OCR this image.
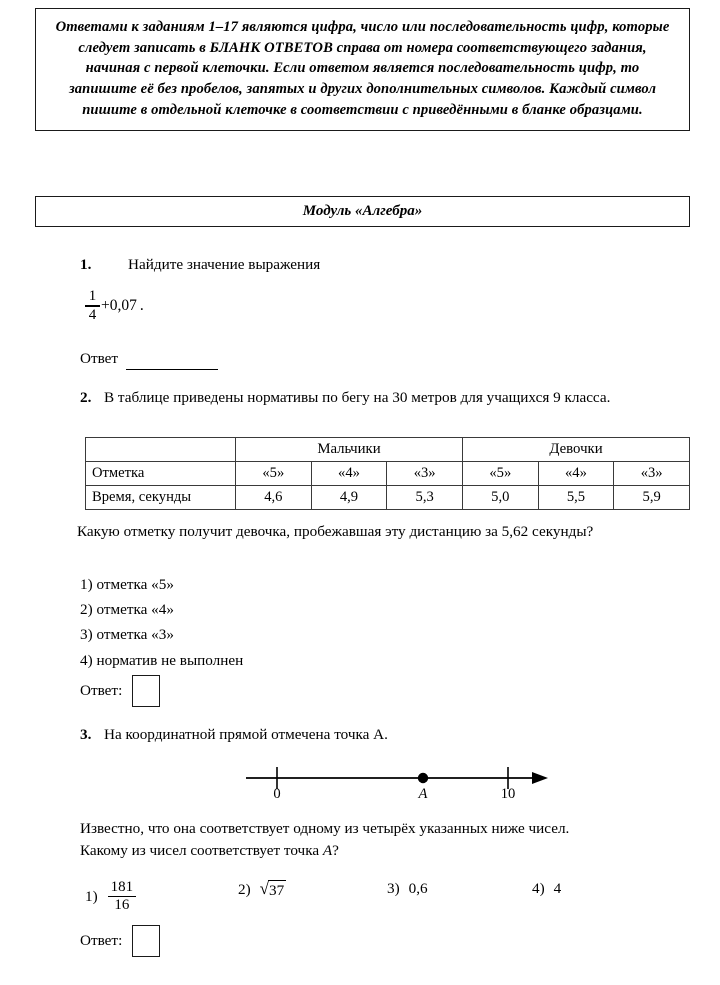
Ответами к заданиям 1–17 являются цифра, число или последовательность цифр, которые следует записать в БЛАНК ОТВЕТОВ справа от номера соответствующего задания, начиная с первой клеточки. Если ответом является последовательность цифр, то запишите её без пробелов, запятых и других дополнительных символов. Каждый символ пишите в отдельной клеточке в соответствии с приведёнными в бланке образцами.
Модуль «Алгебра»
1.	Найдите значение выражения
$\frac{1}{4} + 0,07$ .
Ответ
2. В таблице приведены нормативы по бегу на 30 метров для учащихся 9 класса.
	Мальчики			Девочки		
Отметка	«5»	«4»	«3»	«5»	«4»	«3»
Время, секунды	4,6	4,9	5,3	5,0	5,5	5,9
Какую отметку получит девочка, пробежавшая эту дистанцию за 5,62 секунды?
1) отметка «5»
2) отметка «4»
3) отметка «3»
4) норматив не выполнен
Ответ:
3. На координатной прямой отмечена точка А.
0	A	10
Известно, что она соответствует одному из четырёх указанных ниже чисел.
Какому из чисел соответствует точка A?
$1) \frac{181}{16}$	2) √ 37	3) 0,6	4) 4
Ответ:
